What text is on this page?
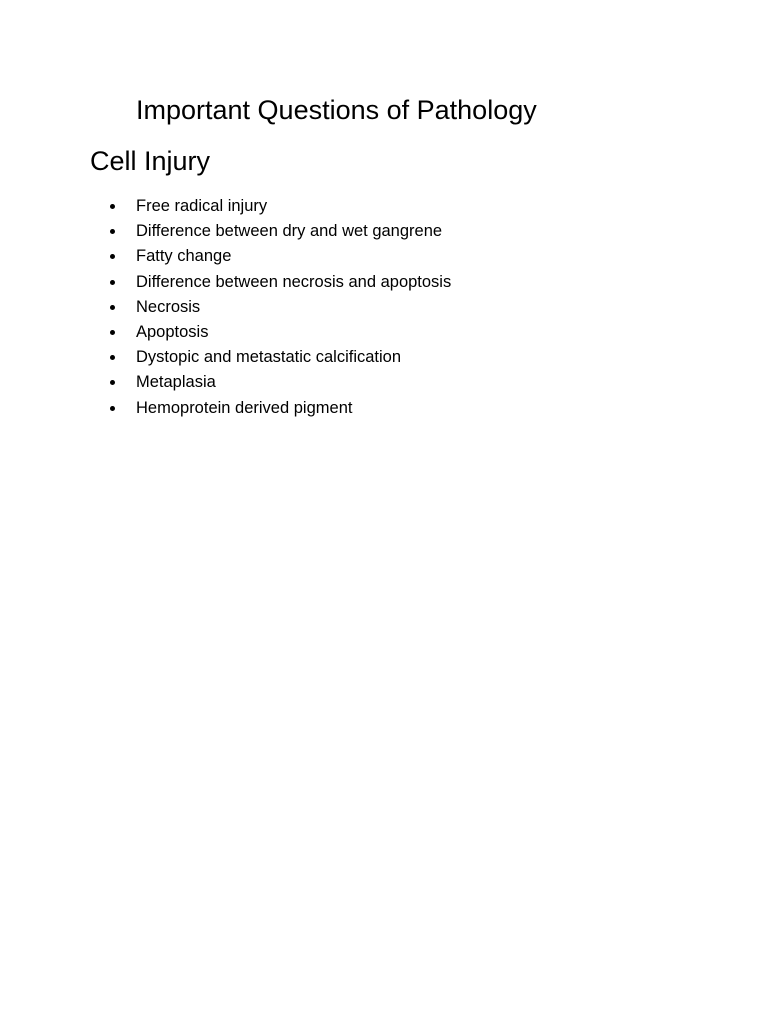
Important Questions of Pathology
Cell Injury
Free radical injury
Difference between dry and wet gangrene
Fatty change
Difference between necrosis and apoptosis
Necrosis
Apoptosis
Dystopic and metastatic calcification
Metaplasia
Hemoprotein derived pigment
